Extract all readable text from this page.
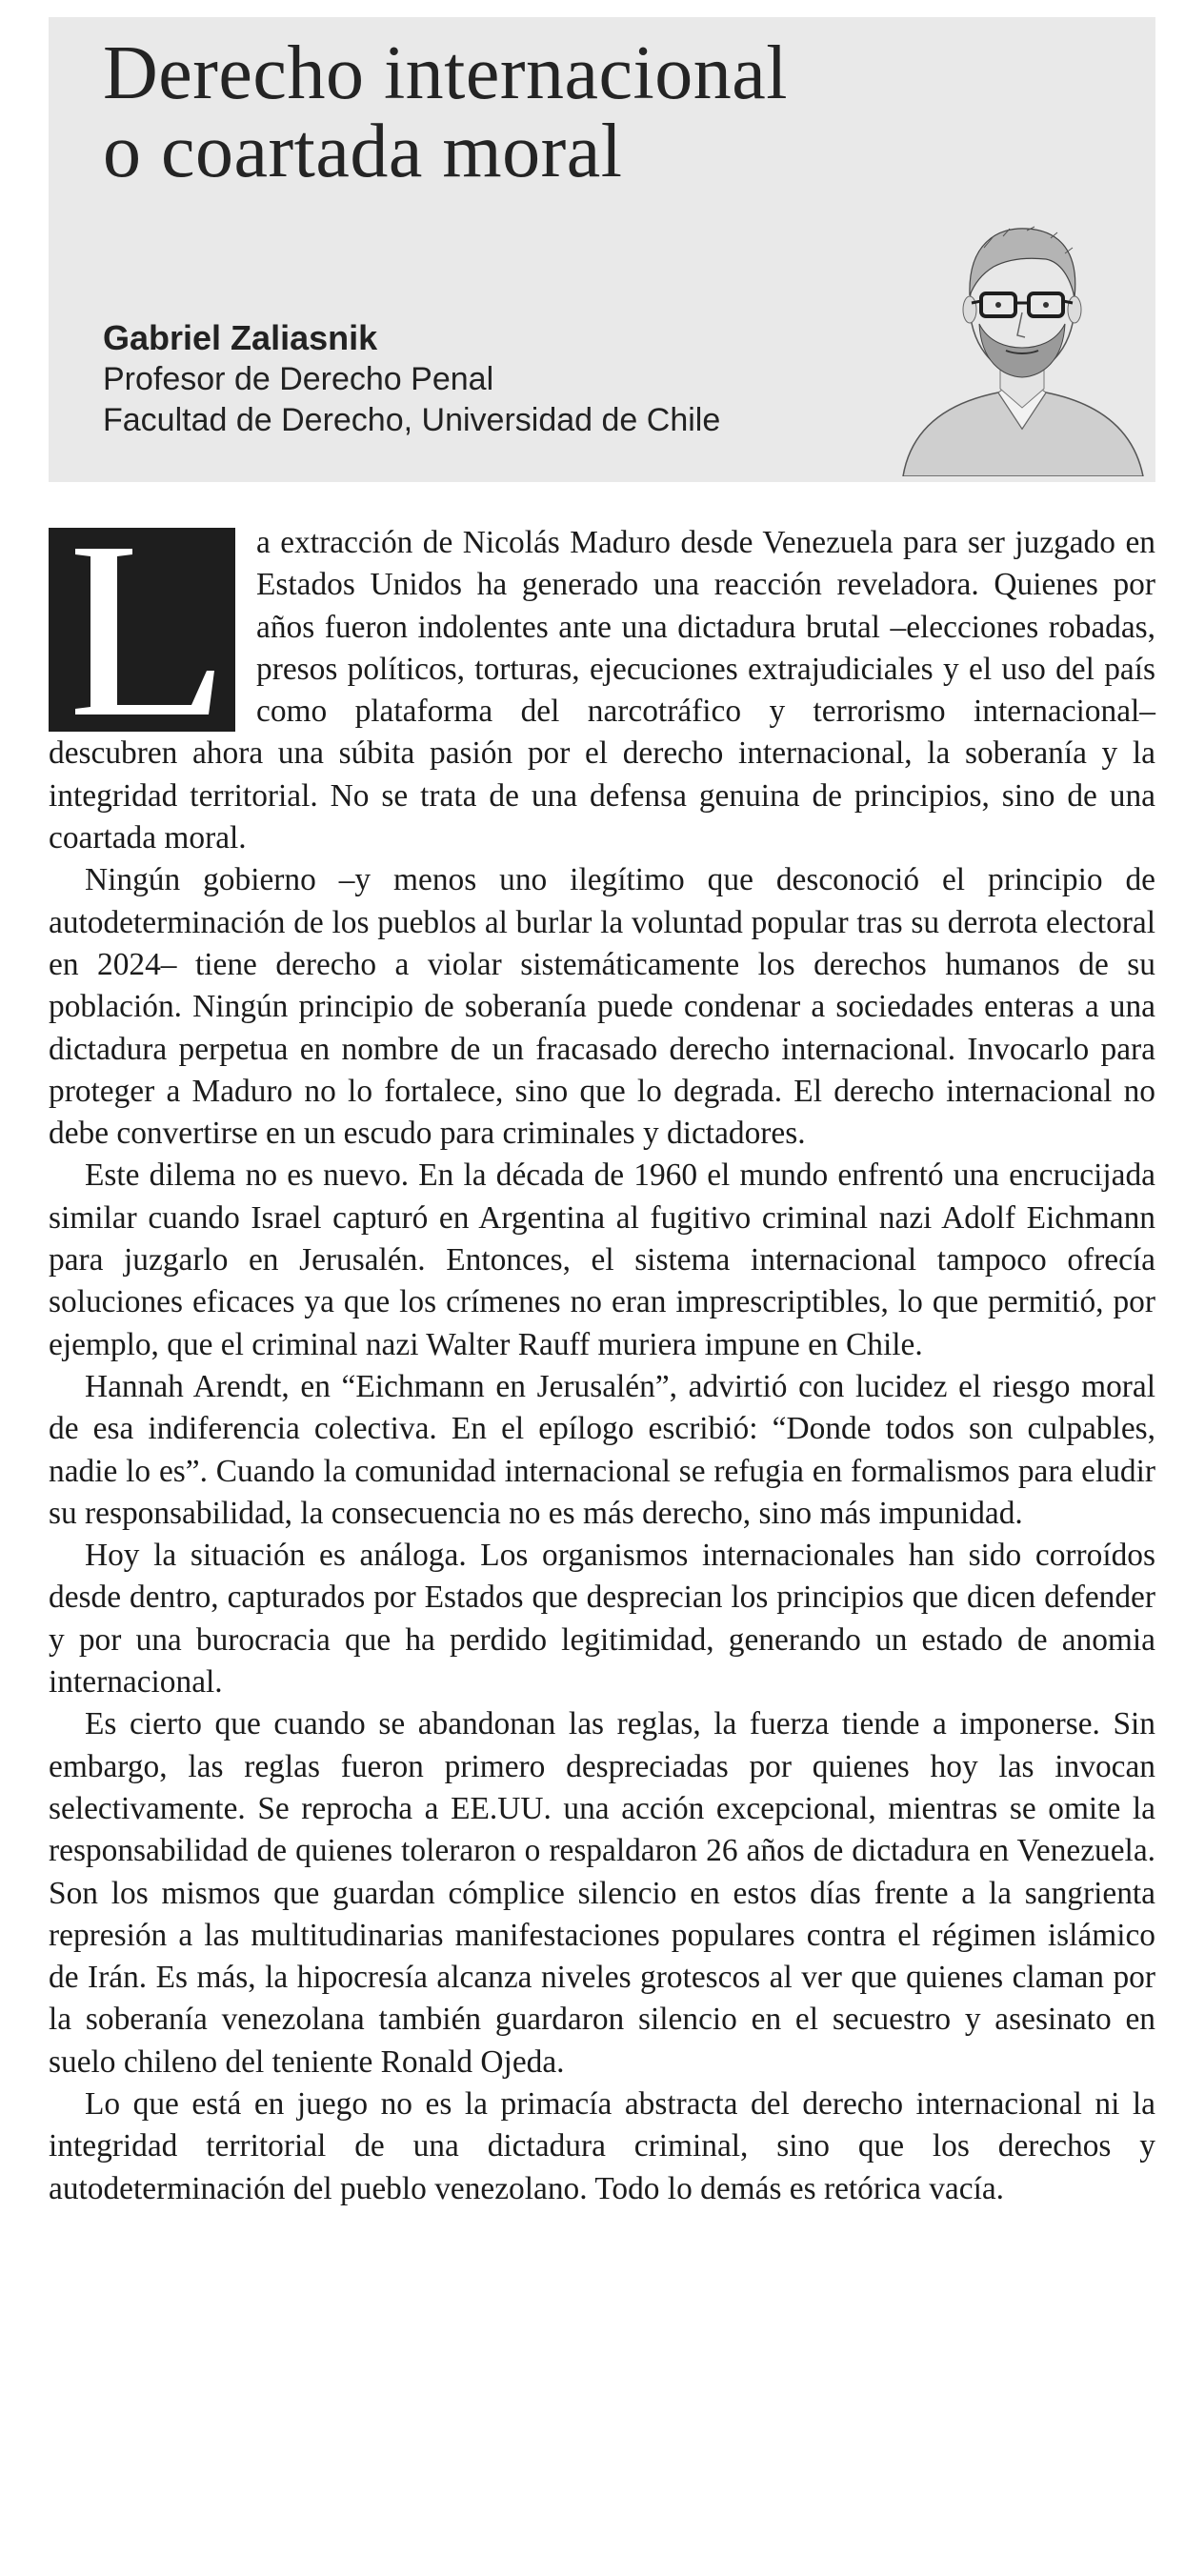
Derecho internacional o coartada moral
Gabriel Zaliasnik
Profesor de Derecho Penal
Facultad de Derecho, Universidad de Chile

a extracción de Nicolás Maduro desde Venezuela para ser juzgado en Estados Unidos ha generado una reacción reveladora. Quienes por años fueron indolentes ante una dictadura brutal –elecciones robadas, presos políticos, torturas, ejecuciones extrajudiciales y el uso del país como plataforma del narcotráfico y terrorismo internacional– descubren ahora una súbita pasión por el derecho internacional, la soberanía y la integridad territorial. No se trata de una defensa genuina de principios, sino de una coartada moral.

Ningún gobierno –y menos uno ilegítimo que desconoció el principio de autodeterminación de los pueblos al burlar la voluntad popular tras su derrota electoral en 2024– tiene derecho a violar sistemáticamente los derechos humanos de su población. Ningún principio de soberanía puede condenar a sociedades enteras a una dictadura perpetua en nombre de un fracasado derecho internacional. Invocarlo para proteger a Maduro no lo fortalece, sino que lo degrada. El derecho internacional no debe convertirse en un escudo para criminales y dictadores.

Este dilema no es nuevo. En la década de 1960 el mundo enfrentó una encrucijada similar cuando Israel capturó en Argentina al fugitivo criminal nazi Adolf Eichmann para juzgarlo en Jerusalén. Entonces, el sistema internacional tampoco ofrecía soluciones eficaces ya que los crímenes no eran imprescriptibles, lo que permitió, por ejemplo, que el criminal nazi Walter Rauff muriera impune en Chile.

Hannah Arendt, en “Eichmann en Jerusalén”, advirtió con lucidez el riesgo moral de esa indiferencia colectiva. En el epílogo escribió: “Donde todos son culpables, nadie lo es”. Cuando la comunidad internacional se refugia en formalismos para eludir su responsabilidad, la consecuencia no es más derecho, sino más impunidad.

Hoy la situación es análoga. Los organismos internacionales han sido corroídos desde dentro, capturados por Estados que desprecian los principios que dicen defender y por una burocracia que ha perdido legitimidad, generando un estado de anomia internacional.

Es cierto que cuando se abandonan las reglas, la fuerza tiende a imponerse. Sin embargo, las reglas fueron primero despreciadas por quienes hoy las invocan selectivamente. Se reprocha a EE.UU. una acción excepcional, mientras se omite la responsabilidad de quienes toleraron o respaldaron 26 años de dictadura en Venezuela. Son los mismos que guardan cómplice silencio en estos días frente a la sangrienta represión a las multitudinarias manifestaciones populares contra el régimen islámico de Irán. Es más, la hipocresía alcanza niveles grotescos al ver que quienes claman por la soberanía venezolana también guardaron silencio en el secuestro y asesinato en suelo chileno del teniente Ronald Ojeda.

Lo que está en juego no es la primacía abstracta del derecho internacional ni la integridad territorial de una dictadura criminal, sino que los derechos y autodeterminación del pueblo venezolano. Todo lo demás es retórica vacía.
